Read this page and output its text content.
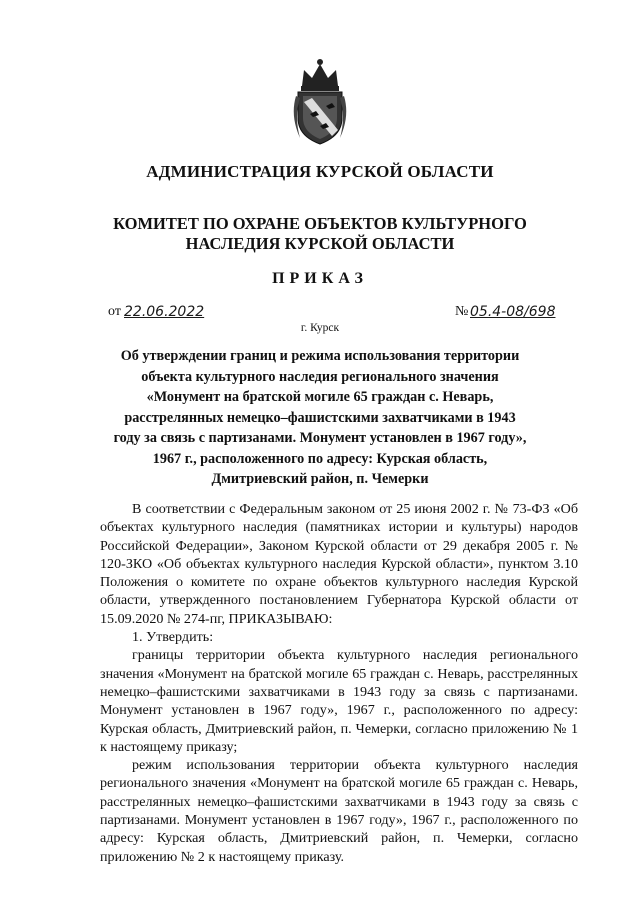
АДМИНИСТРАЦИЯ КУРСКОЙ ОБЛАСТИ
КОМИТЕТ ПО ОХРАНЕ ОБЪЕКТОВ КУЛЬТУРНОГО НАСЛЕДИЯ КУРСКОЙ ОБЛАСТИ
ПРИКАЗ
от 22.06.2022	№ 05.4-08/698
г. Курск
Об утверждении границ и режима использования территории объекта культурного наследия регионального значения «Монумент на братской могиле 65 граждан с. Неварь, расстрелянных немецко–фашистскими захватчиками в 1943 году за связь с партизанами. Монумент установлен в 1967 году», 1967 г., расположенного по адресу: Курская область, Дмитриевский район, п. Чемерки

В соответствии с Федеральным законом от 25 июня 2002 г. № 73-ФЗ «Об объектах культурного наследия (памятниках истории и культуры) народов Российской Федерации», Законом Курской области от 29 декабря 2005 г. № 120-ЗКО «Об объектах культурного наследия Курской области», пунктом 3.10 Положения о комитете по охране объектов культурного наследия Курской области, утвержденного постановлением Губернатора Курской области от 15.09.2020 № 274-пг, ПРИКАЗЫВАЮ:

1. Утвердить:

границы территории объекта культурного наследия регионального значения «Монумент на братской могиле 65 граждан с. Неварь, расстрелянных немецко–фашистскими захватчиками в 1943 году за связь с партизанами. Монумент установлен в 1967 году», 1967 г., расположенного по адресу: Курская область, Дмитриевский район, п. Чемерки, согласно приложению № 1 к настоящему приказу;

режим использования территории объекта культурного наследия регионального значения «Монумент на братской могиле 65 граждан с. Неварь, расстрелянных немецко–фашистскими захватчиками в 1943 году за связь с партизанами. Монумент установлен в 1967 году», 1967 г., расположенного по адресу: Курская область, Дмитриевский район, п. Чемерки, согласно приложению № 2 к настоящему приказу.
